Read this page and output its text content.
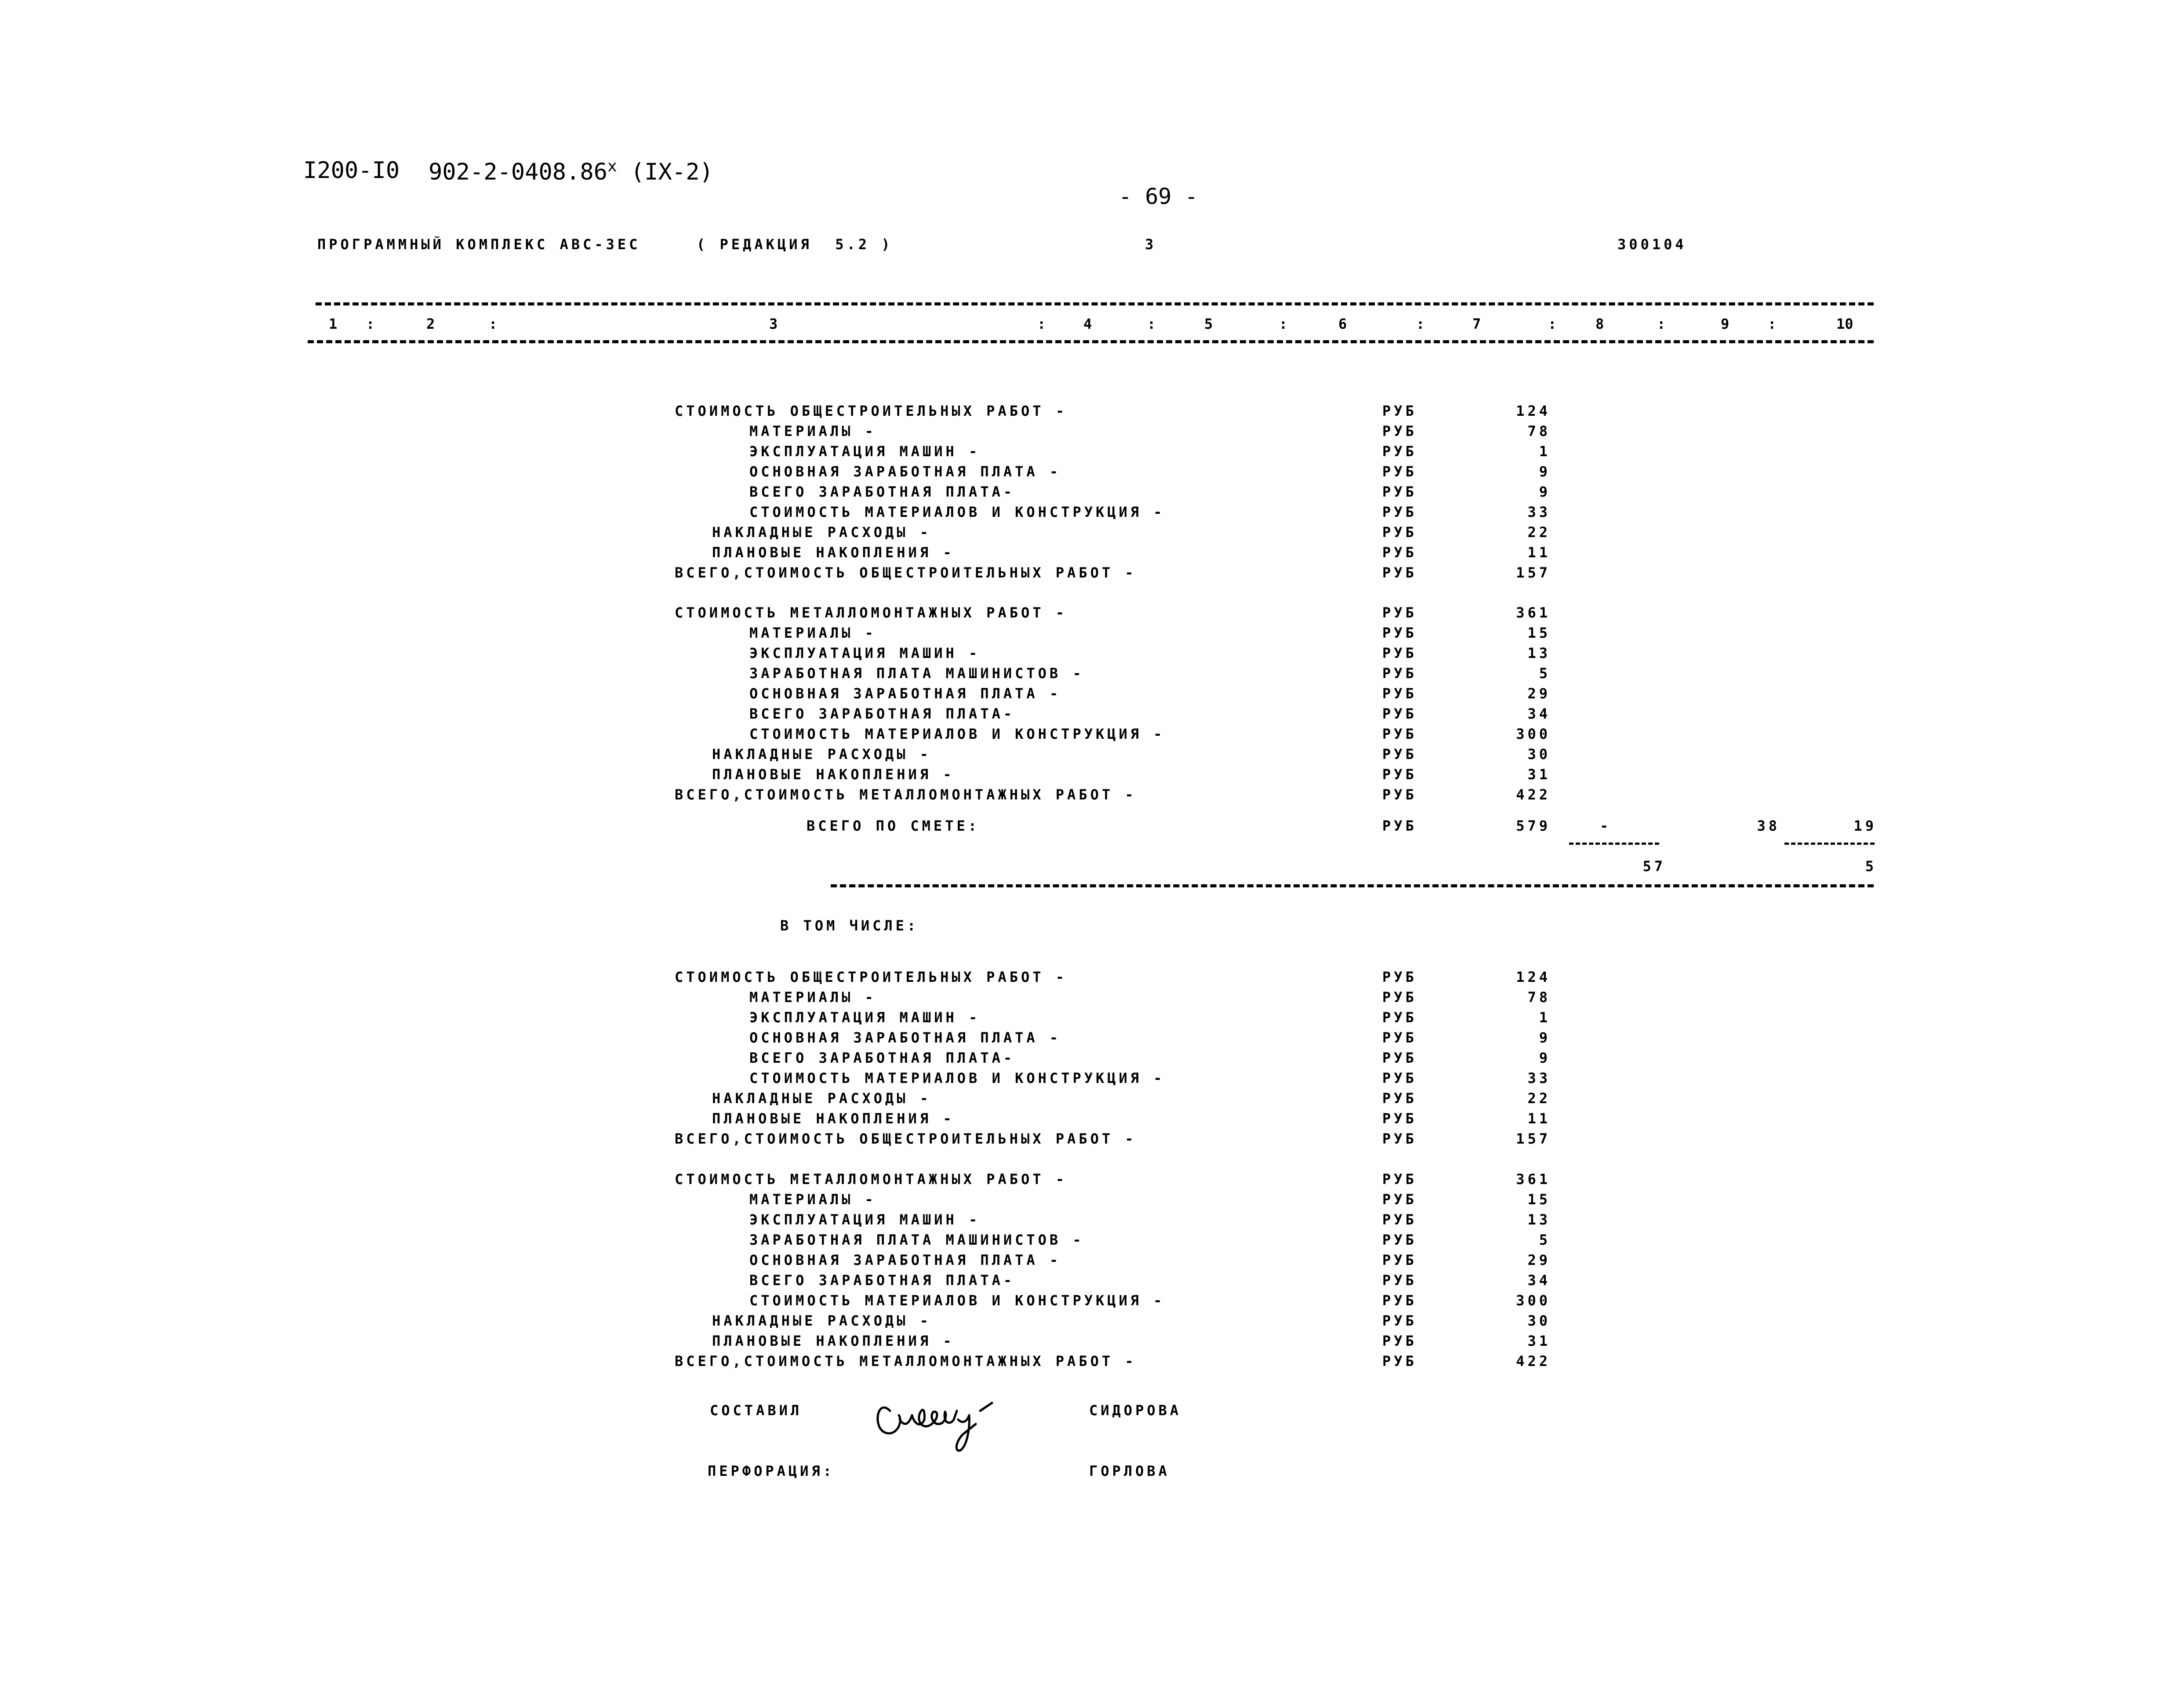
I200-I0 902-2-0408.86$^x$ (IX-2)
- 69 -
ПРОГРАММНЫЙ КОМПЛЕКС АВС-ЗЕС	( РЕДАКЦИЯ  5.2 )	3	300104
1	2	3	4	5	6	7	8	9	10
:	:	:	:	:	:	:	:	:
СТОИМОСТЬ ОБЩЕСТРОИТЕЛЬНЫХ РАБОТ -	РУБ	124
МАТЕРИАЛЫ -	РУБ	78
ЭКСПЛУАТАЦИЯ МАШИН -	РУБ	1
ОСНОВНАЯ ЗАРАБОТНАЯ ПЛАТА -	РУБ	9
ВСЕГО ЗАРАБОТНАЯ ПЛАТА-	РУБ	9
СТОИМОСТЬ МАТЕРИАЛОВ И КОНСТРУКЦИЯ -	РУБ	33
НАКЛАДНЫЕ РАСХОДЫ -	РУБ	22
ПЛАНОВЫЕ НАКОПЛЕНИЯ -	РУБ	11
ВСЕГО,СТОИМОСТЬ ОБЩЕСТРОИТЕЛЬНЫХ РАБОТ -	РУБ	157
СТОИМОСТЬ МЕТАЛЛОМОНТАЖНЫХ РАБОТ -	РУБ	361
МАТЕРИАЛЫ -	РУБ	15
ЭКСПЛУАТАЦИЯ МАШИН -	РУБ	13
ЗАРАБОТНАЯ ПЛАТА МАШИНИСТОВ -	РУБ	5
ОСНОВНАЯ ЗАРАБОТНАЯ ПЛАТА -	РУБ	29
ВСЕГО ЗАРАБОТНАЯ ПЛАТА-	РУБ	34
СТОИМОСТЬ МАТЕРИАЛОВ И КОНСТРУКЦИЯ -	РУБ	300
НАКЛАДНЫЕ РАСХОДЫ -	РУБ	30
ПЛАНОВЫЕ НАКОПЛЕНИЯ -	РУБ	31
ВСЕГО,СТОИМОСТЬ МЕТАЛЛОМОНТАЖНЫХ РАБОТ -	РУБ	422
СТОИМОСТЬ ОБЩЕСТРОИТЕЛЬНЫХ РАБОТ -	РУБ	124
МАТЕРИАЛЫ -	РУБ	78
ЭКСПЛУАТАЦИЯ МАШИН -	РУБ	1
ОСНОВНАЯ ЗАРАБОТНАЯ ПЛАТА -	РУБ	9
ВСЕГО ЗАРАБОТНАЯ ПЛАТА-	РУБ	9
СТОИМОСТЬ МАТЕРИАЛОВ И КОНСТРУКЦИЯ -	РУБ	33
НАКЛАДНЫЕ РАСХОДЫ -	РУБ	22
ПЛАНОВЫЕ НАКОПЛЕНИЯ -	РУБ	11
ВСЕГО,СТОИМОСТЬ ОБЩЕСТРОИТЕЛЬНЫХ РАБОТ -	РУБ	157
СТОИМОСТЬ МЕТАЛЛОМОНТАЖНЫХ РАБОТ -	РУБ	361
МАТЕРИАЛЫ -	РУБ	15
ЭКСПЛУАТАЦИЯ МАШИН -	РУБ	13
ЗАРАБОТНАЯ ПЛАТА МАШИНИСТОВ -	РУБ	5
ОСНОВНАЯ ЗАРАБОТНАЯ ПЛАТА -	РУБ	29
ВСЕГО ЗАРАБОТНАЯ ПЛАТА-	РУБ	34
СТОИМОСТЬ МАТЕРИАЛОВ И КОНСТРУКЦИЯ -	РУБ	300
НАКЛАДНЫЕ РАСХОДЫ -	РУБ	30
ПЛАНОВЫЕ НАКОПЛЕНИЯ -	РУБ	31
ВСЕГО,СТОИМОСТЬ МЕТАЛЛОМОНТАЖНЫХ РАБОТ -	РУБ	422
ВСЕГО ПО СМЕТЕ:	РУБ	579	-	38	19
57	5
В ТОМ ЧИСЛЕ:
СОСТАВИЛ	СИДОРОВА
ПЕРФОРАЦИЯ:	ГОРЛОВА
